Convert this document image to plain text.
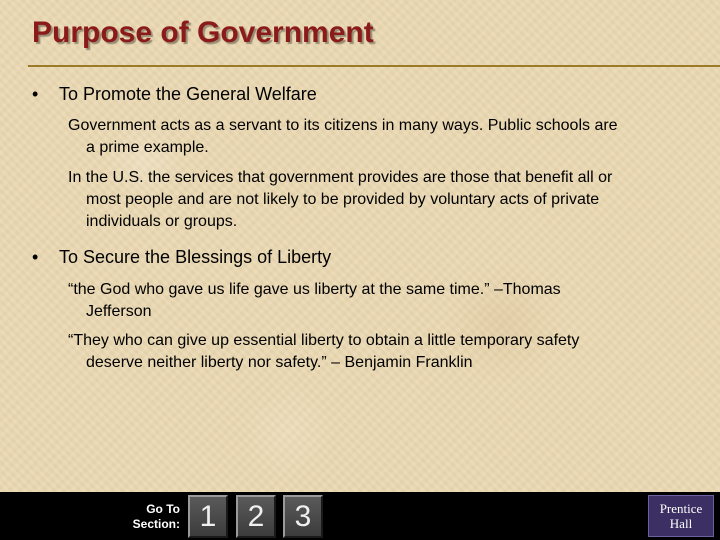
Purpose of Government
• To Promote the General Welfare
Government acts as a servant to its citizens in many ways. Public schools are
a prime example.
In the U.S. the services that government provides are those that benefit all or
most people and are not likely to be provided by voluntary acts of private
individuals or groups.
• To Secure the Blessings of Liberty
“the God who gave us life gave us liberty at the same time.” –Thomas
Jefferson
“They who can give up essential liberty to obtain a little temporary safety
deserve neither liberty nor safety.” – Benjamin Franklin
Go To
Section: 1	2	3	Prentice
Hall
